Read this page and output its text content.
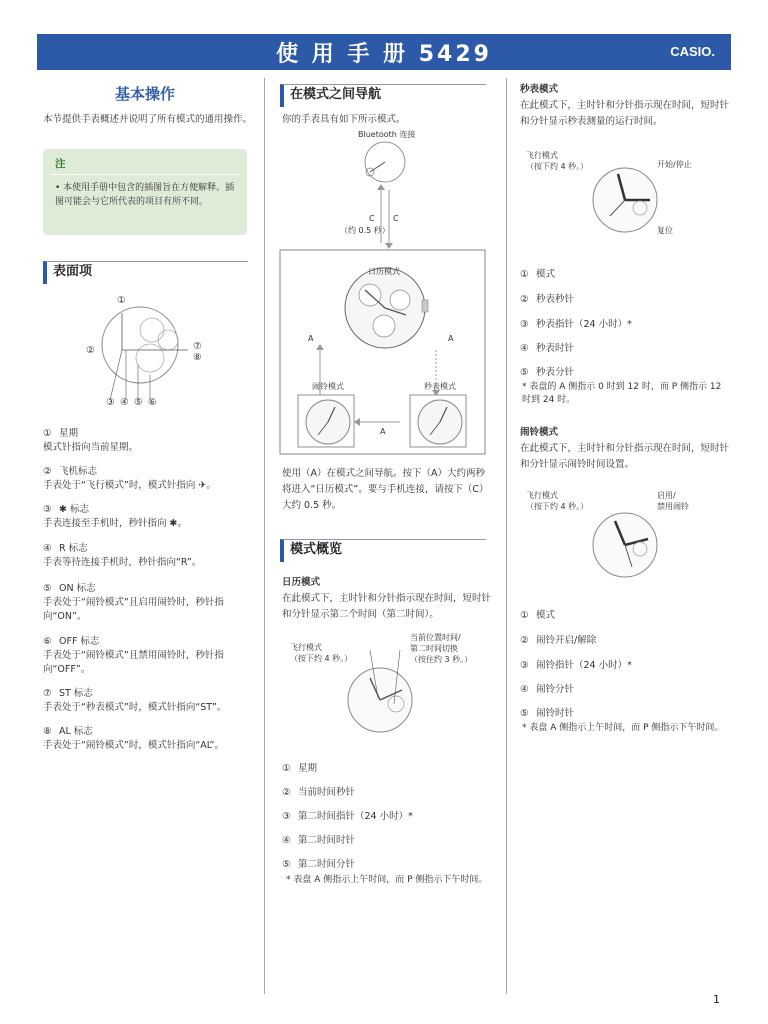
使 用 手 册 5429	CASIO.
基本操作
本节提供手表概述并说明了所有模式的通用操作。
注
• 本使用手册中包含的插图旨在方便解释。插图可能会与它所代表的项目有所不同。
表面项
①
②
③ ④ ⑤ ⑥
⑦
⑧
① 星期
模式针指向当前星期。
② 飞机标志
手表处于“飞行模式”时，模式针指向 ✈。
③ ✱ 标志
手表连接至手机时，秒针指向 ✱。
④ R 标志
手表等待连接手机时，秒针指向“R”。
⑤ ON 标志
手表处于“闹铃模式”且启用闹铃时，秒针指向“ON”。
⑥ OFF 标志
手表处于“闹铃模式”且禁用闹铃时，秒针指向“OFF”。
⑦ ST 标志
手表处于“秒表模式”时，模式针指向“ST”。
⑧ AL 标志
手表处于“闹铃模式”时，模式针指向“AL”。
在模式之间导航
你的手表具有如下所示模式。
Bluetooth 连接
C C
（约 0.5 秒）
日历模式
A	A
闹铃模式	秒表模式
A
使用（A）在模式之间导航。按下（A）大约两秒将进入“日历模式”。要与手机连接，请按下（C）大约 0.5 秒。
模式概览
日历模式
在此模式下，主时针和分针指示现在时间，短时针和分针显示第二个时间（第二时间）。
飞行模式
（按下约 4 秒。）
当前位置时间/
第二时间切换
（按住约 3 秒。）
① 星期
② 当前时间秒针
③ 第二时间指针（24 小时）*
④ 第二时间时针
⑤ 第二时间分针
* 表盘 A 侧指示上午时间，而 P 侧指示下午时间。
秒表模式
在此模式下，主时针和分针指示现在时间，短时针和分针显示秒表测量的运行时间。
飞行模式
（按下约 4 秒。）	开始/停止
复位
① 模式
② 秒表秒针
③ 秒表指针（24 小时）*
④ 秒表时针
⑤ 秒表分针
* 表盘的 A 侧指示 0 时到 12 时，而 P 侧指示 12 时到 24 时。
闹铃模式
在此模式下，主时针和分针指示现在时间，短时针和分针显示闹铃时间设置。
飞行模式
（按下约 4 秒。）
启用/
禁用闹铃
① 模式
② 闹铃开启/解除
③ 闹铃指针（24 小时）*
④ 闹铃分针
⑤ 闹铃时针
* 表盘 A 侧指示上午时间，而 P 侧指示下午时间。
1
